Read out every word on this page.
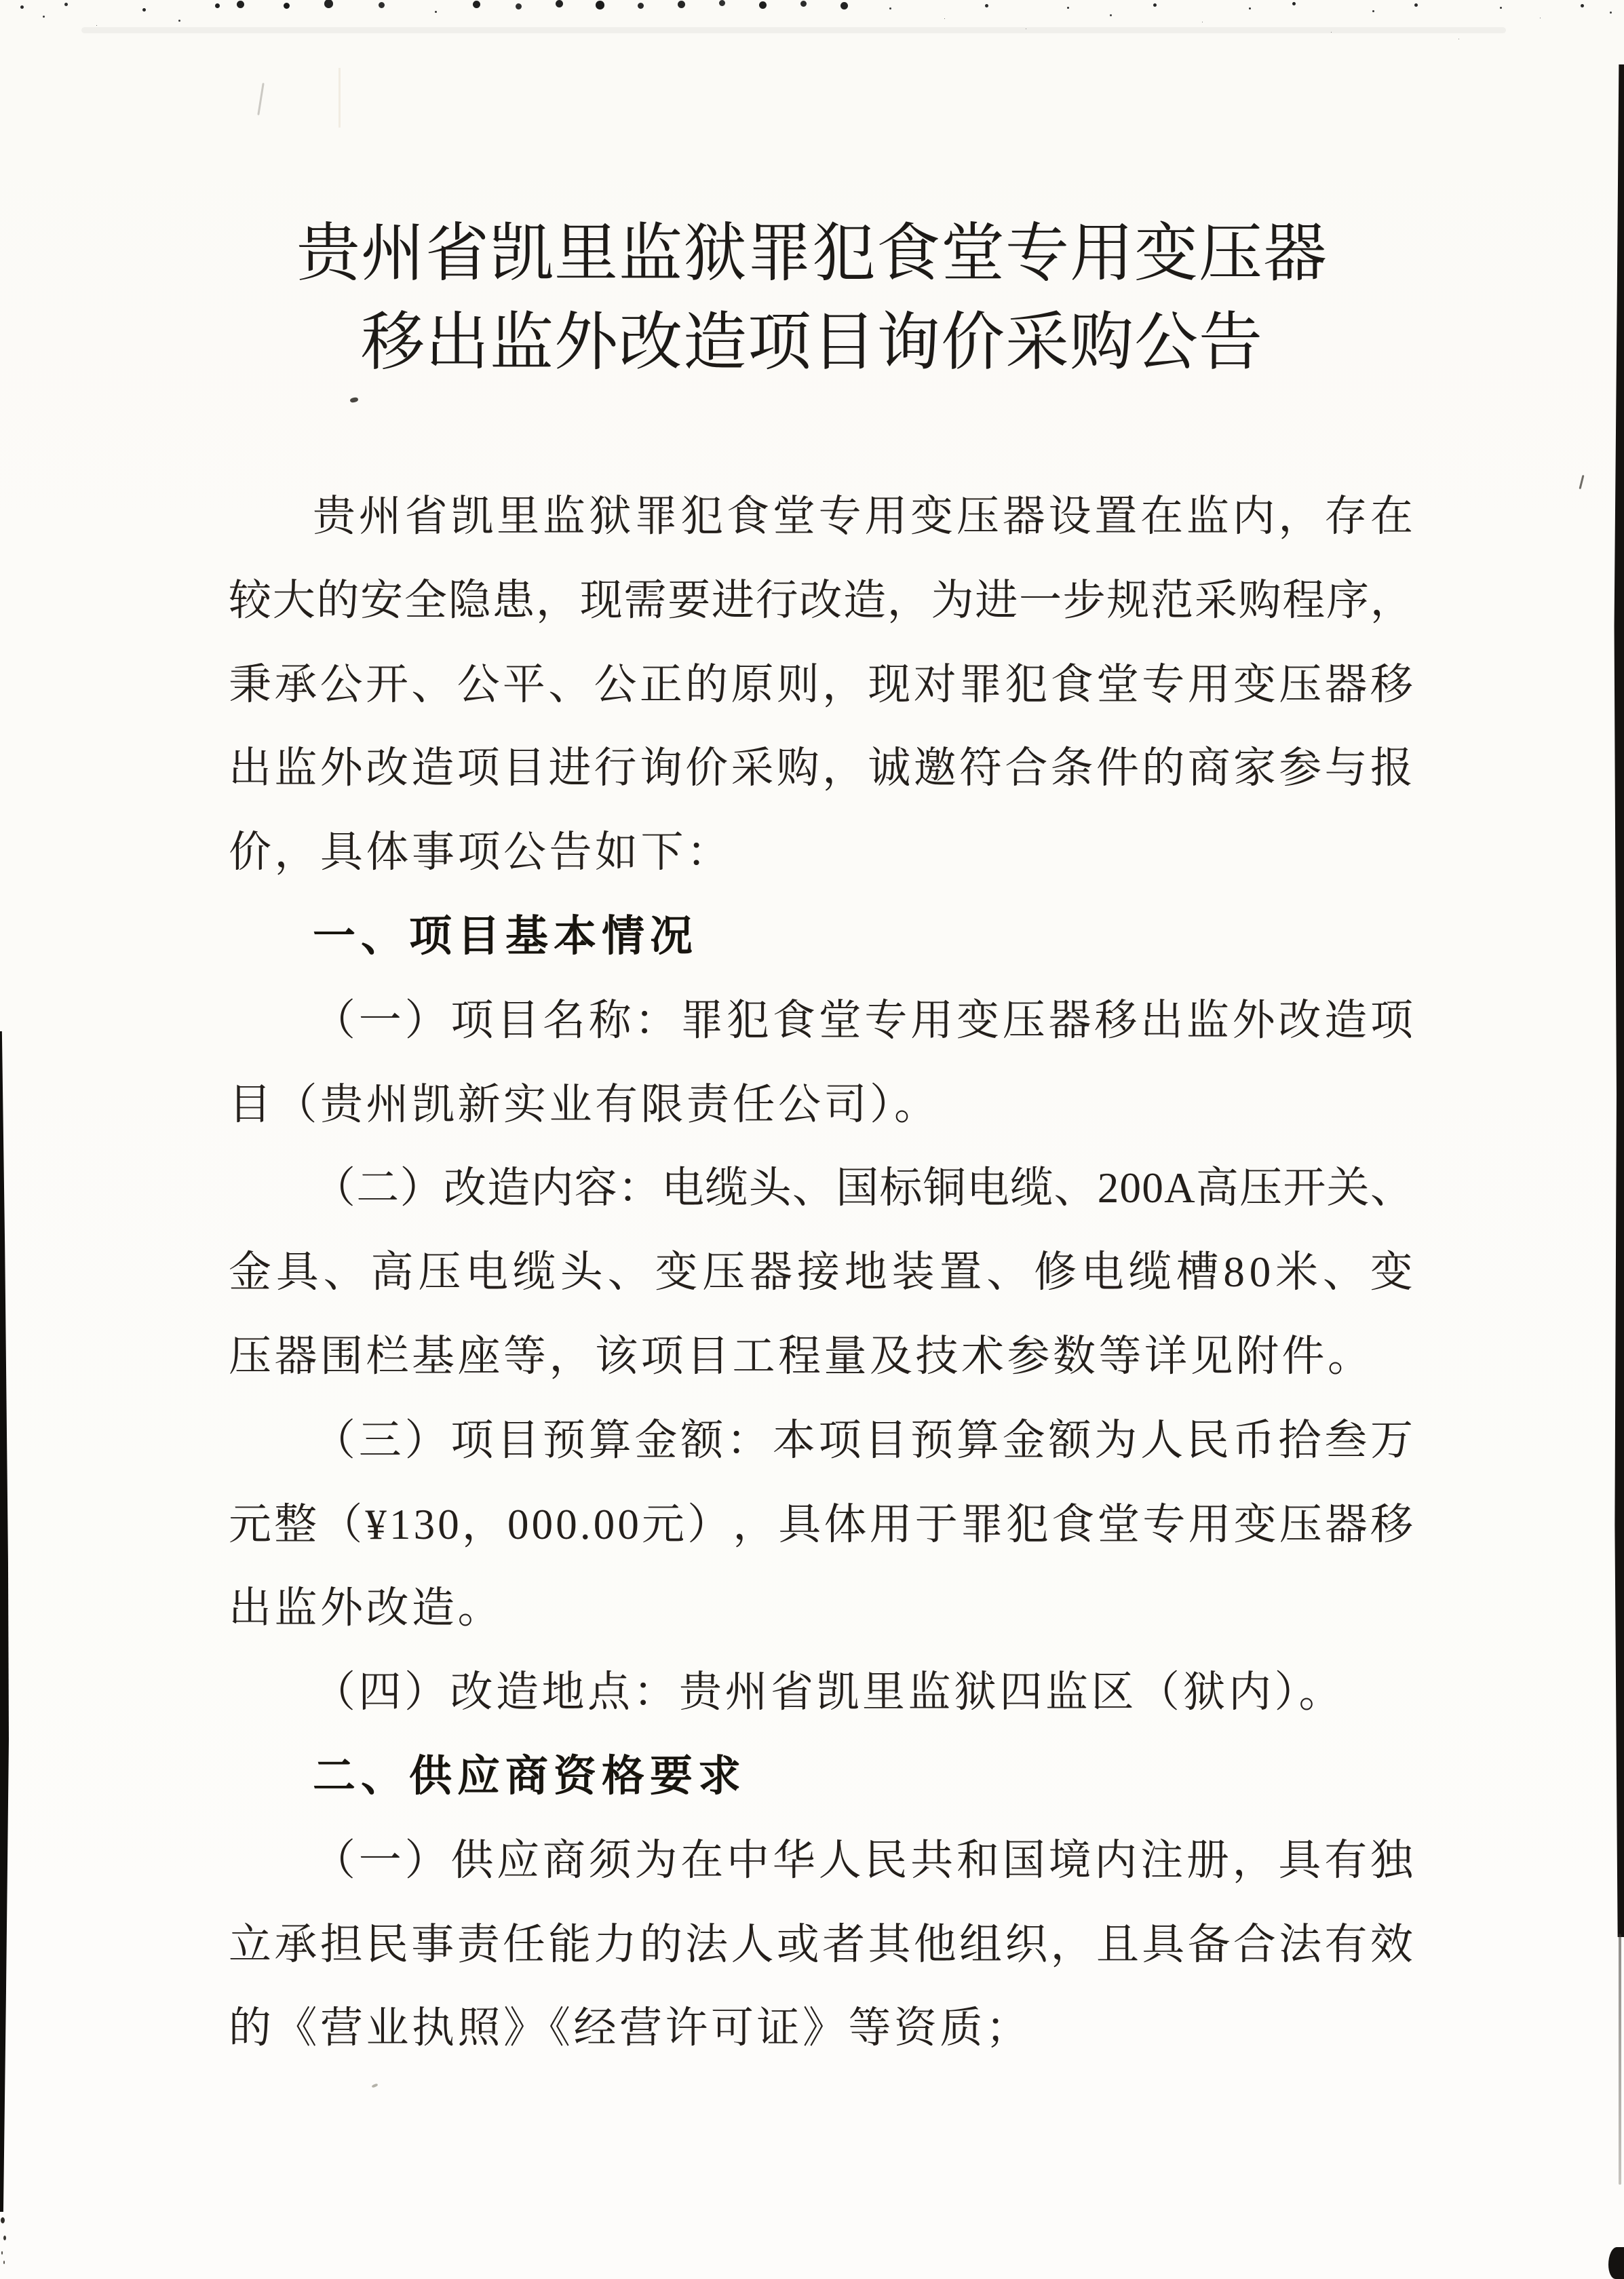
贵州省凯里监狱罪犯食堂专用变压器
移出监外改造项目询价采购公告
贵 州 省 凯 里 监 狱 罪 犯 食 堂 专 用 变 压 器 设 置 在 监 内 ， 存 在
较 大 的 安 全 隐 患 ， 现 需 要 进 行 改 造 ， 为 进 一 步 规 范 采 购 程 序 ，
秉 承 公 开 、 公 平 、 公 正 的 原 则 ， 现 对 罪 犯 食 堂 专 用 变 压 器 移
出 监 外 改 造 项 目 进 行 询 价 采 购 ， 诚 邀 符 合 条 件 的 商 家 参 与 报
价，具体事项公告如下：
一、项目基本情况
（ 一 ） 项 目 名 称 ： 罪 犯 食 堂 专 用 变 压 器 移 出 监 外 改 造 项
目（贵州凯新实业有限责任公司）。
（ 二 ） 改 造 内 容 ： 电 缆 头 、 国 标 铜 电 缆 、 2 0 0 A 高 压 开 关 、
金 具 、 高 压 电 缆 头 、 变 压 器 接 地 装 置 、 修 电 缆 槽 8 0 米 、 变
压器围栏基座等，该项目工程量及技术参数等详见附件。
（ 三 ） 项 目 预 算 金 额 ： 本 项 目 预 算 金 额 为 人 民 币 拾 叁 万
元 整 （ ¥ 1 3 0 ， 0 0 0 . 0 0 元 ） ， 具 体 用 于 罪 犯 食 堂 专 用 变 压 器 移
出监外改造。
（四）改造地点：贵州省凯里监狱四监区（狱内）。
二、供应商资格要求
（ 一 ） 供 应 商 须 为 在 中 华 人 民 共 和 国 境 内 注 册 ， 具 有 独
立 承 担 民 事 责 任 能 力 的 法 人 或 者 其 他 组 织 ， 且 具 备 合 法 有 效
的《营业执照》《经营许可证》等资质；
